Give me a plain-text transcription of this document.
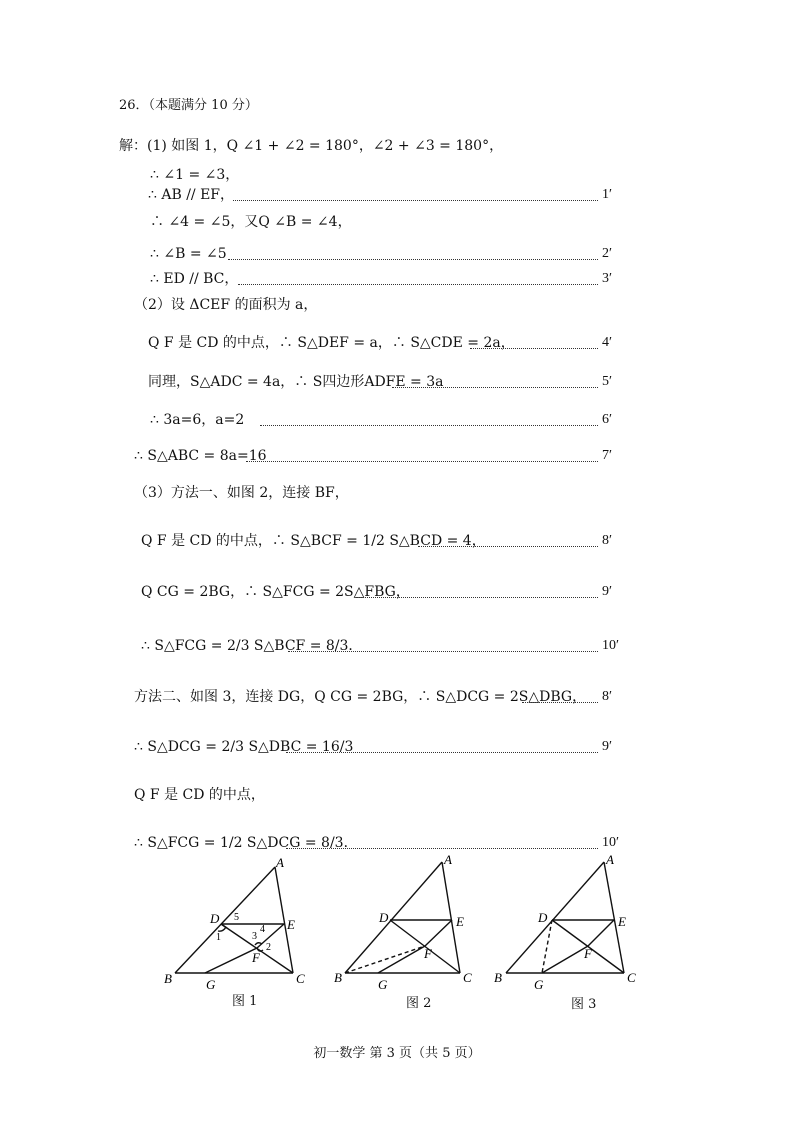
26．（本题满分 10 分）
解：(1) 如图 1，Q ∠1 + ∠2 = 180°，∠2 + ∠3 = 180°，
∴ ∠1 = ∠3，
∴ AB // EF，	1′
∴ ∠4 = ∠5，又Q ∠B = ∠4，
∴ ∠B = ∠5	2′
∴ ED // BC，	3′
（2）设 ΔCEF 的面积为 a，
Q F 是 CD 的中点，∴ S△DEF = a，∴ S△CDE = 2a，	4′
同理，S△ADC = 4a，∴ S四边形ADFE = 3a	5′
∴ 3a=6，a=2	6′
∴ S△ABC = 8a=16	7′
（3）方法一、如图 2，连接 BF，
Q F 是 CD 的中点，∴ S△BCF = 1/2 S△BCD = 4，	8′
Q CG = 2BG，∴ S△FCG = 2S△FBG，	9′
∴ S△FCG = 2/3 S△BCF = 8/3．	10′
方法二、如图 3，连接 DG，Q CG = 2BG，∴ S△DCG = 2S△DBG， 8′
∴ S△DCG = 2/3 S△DBC = 16/3	9′
Q F 是 CD 的中点，
∴ S△FCG = 1/2 S△DCG = 8/3．	10′
A
B	C
D	E
F
G
1
2
3
4
5
图 1
A
B	C
D	E
F
G
图 2
A
B	C
D	E
F
G
图 3
初一数学 第 3 页（共 5 页）
